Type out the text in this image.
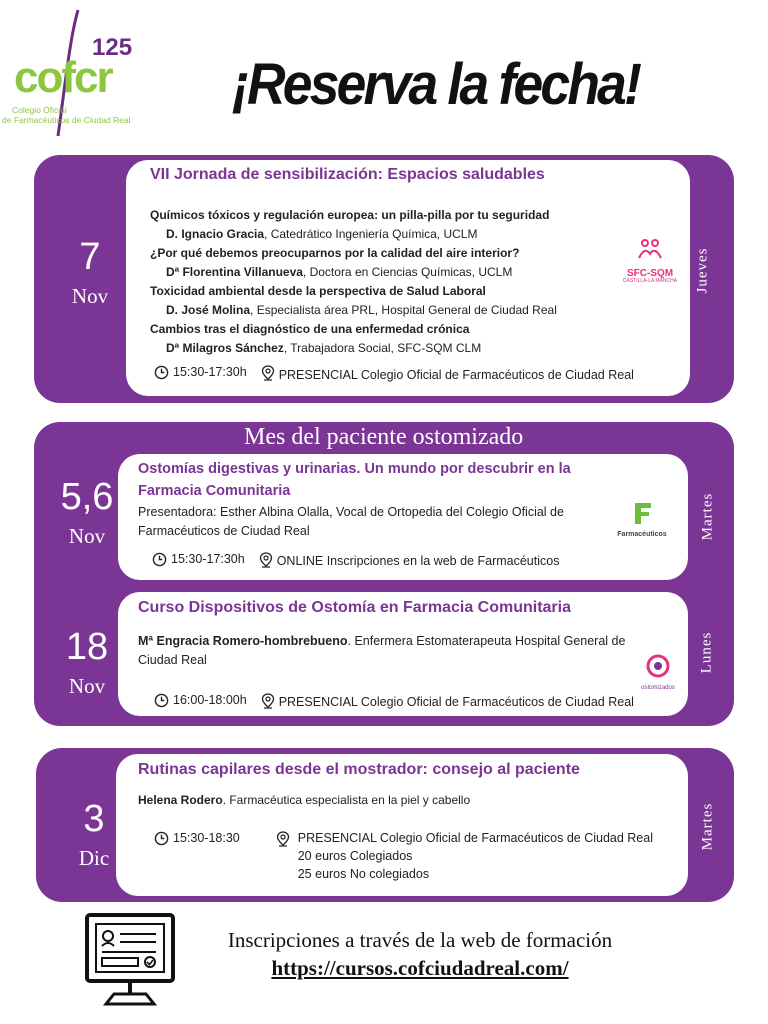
cofcr
125
Colegio Oficial
de Farmacéuticos de Ciudad Real
¡Reserva la fecha!
7
Nov
Jueves
VII Jornada de sensibilización: Espacios saludables
Químicos tóxicos y regulación europea: un pilla-pilla por tu seguridad
D. Ignacio Gracia, Catedrático Ingeniería Química, UCLM
¿Por qué debemos preocuparnos por la calidad del aire interior?
Dª Florentina Villanueva, Doctora en Ciencias Químicas, UCLM
Toxicidad ambiental desde la perspectiva de Salud Laboral
D. José Molina, Especialista área PRL, Hospital General de Ciudad Real
Cambios tras el diagnóstico de una enfermedad crónica
Dª Milagros Sánchez, Trabajadora Social, SFC-SQM CLM
SFC-SQM
CASTILLA-LA MANCHA
15:30-17:30h	PRESENCIAL Colegio Oficial de Farmacéuticos de Ciudad Real
Mes del paciente ostomizado
5,6
Nov	Martes
Ostomías digestivas y urinarias. Un mundo por descubrir en la Farmacia Comunitaria
Presentadora: Esther Albina Olalla, Vocal de Ortopedia del Colegio Oficial de Farmacéuticos de Ciudad Real	Farmacéuticos
15:30-17:30h	ONLINE Inscripciones en la web de Farmacéuticos
18
Nov
Lunes
Curso Dispositivos de Ostomía en Farmacia Comunitaria
Mª Engracia Romero-hombrebueno. Enfermera Estomaterapeuta Hospital General de Ciudad Real
ostomizados
16:00-18:00h	PRESENCIAL Colegio Oficial de Farmacéuticos de Ciudad Real
3
Dic
Martes
Rutinas capilares desde el mostrador: consejo al paciente
Helena Rodero. Farmacéutica especialista en la piel y cabello
15:30-18:30	PRESENCIAL Colegio Oficial de Farmacéuticos de Ciudad Real
20 euros Colegiados
25 euros No colegiados
Inscripciones a través de la web de formación
https://cursos.cofciudadreal.com/
